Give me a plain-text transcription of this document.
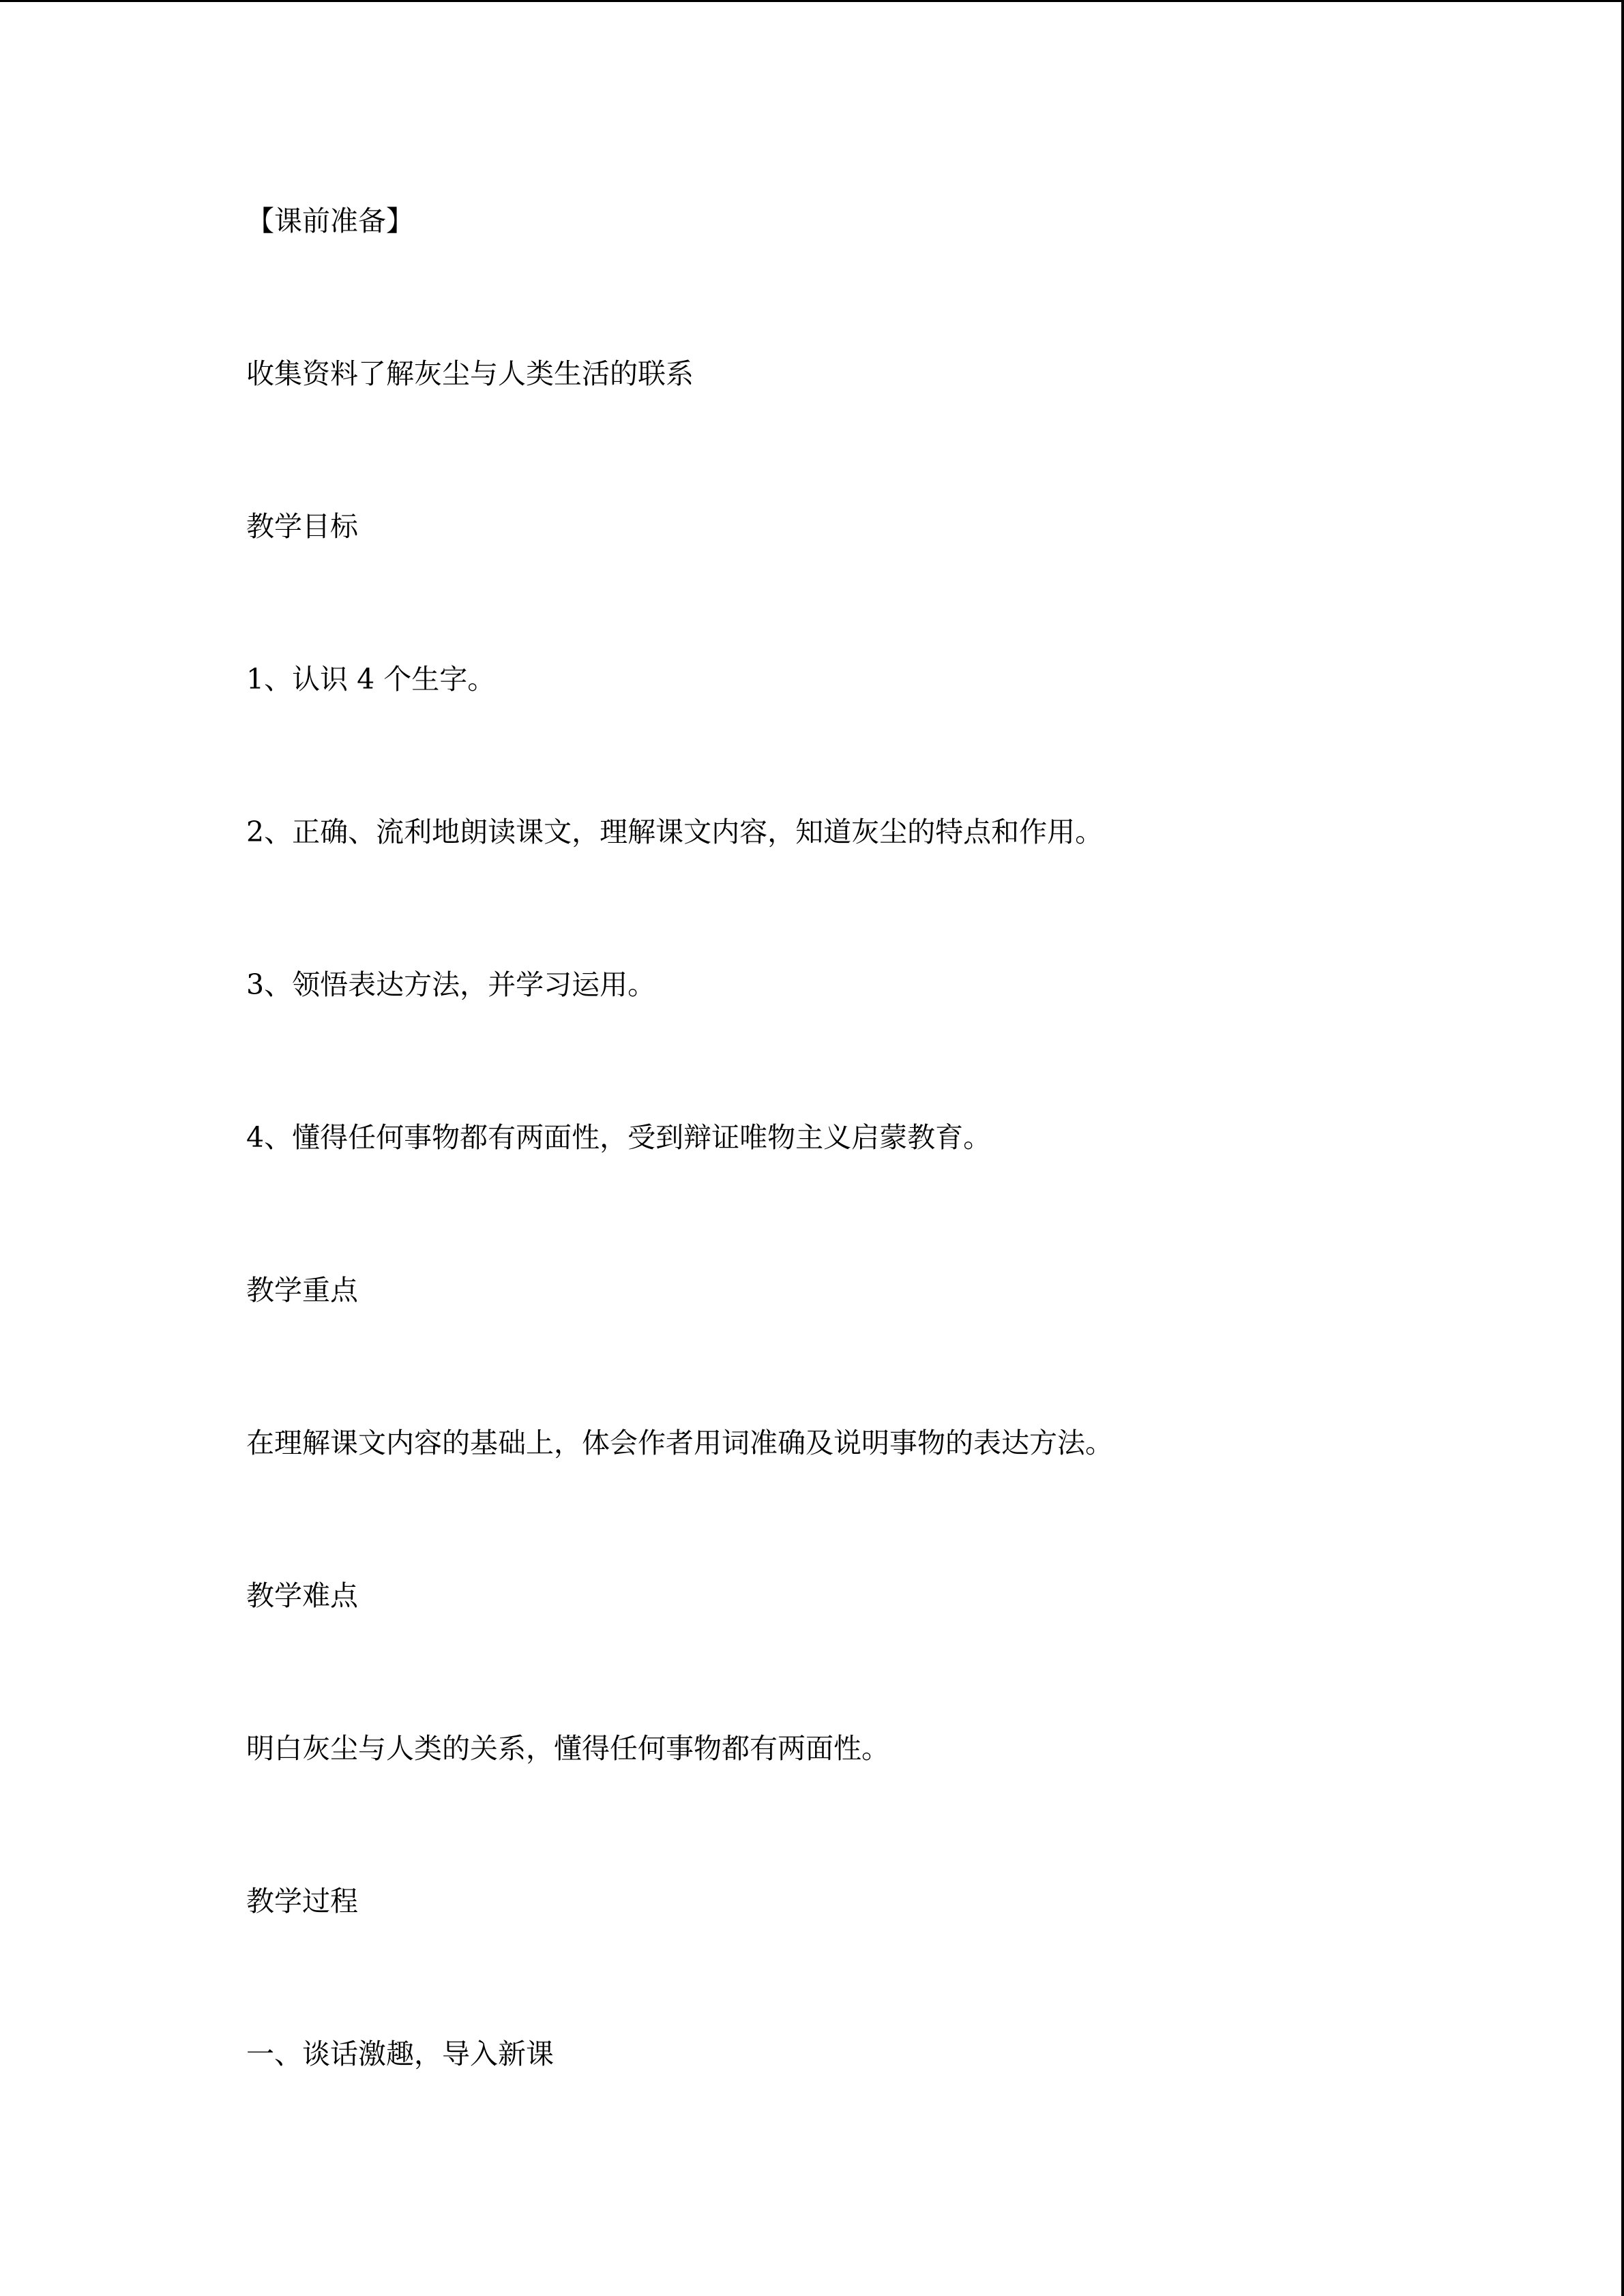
【课前准备】
收集资料了解灰尘与人类生活的联系
教学目标
1、认识 4 个生字。
2、正确、流利地朗读课文，理解课文内容，知道灰尘的特点和作用。
3、领悟表达方法，并学习运用。
4、懂得任何事物都有两面性，受到辩证唯物主义启蒙教育。
教学重点
在理解课文内容的基础上，体会作者用词准确及说明事物的表达方法。
教学难点
明白灰尘与人类的关系，懂得任何事物都有两面性。
教学过程
一、谈话激趣，导入新课
